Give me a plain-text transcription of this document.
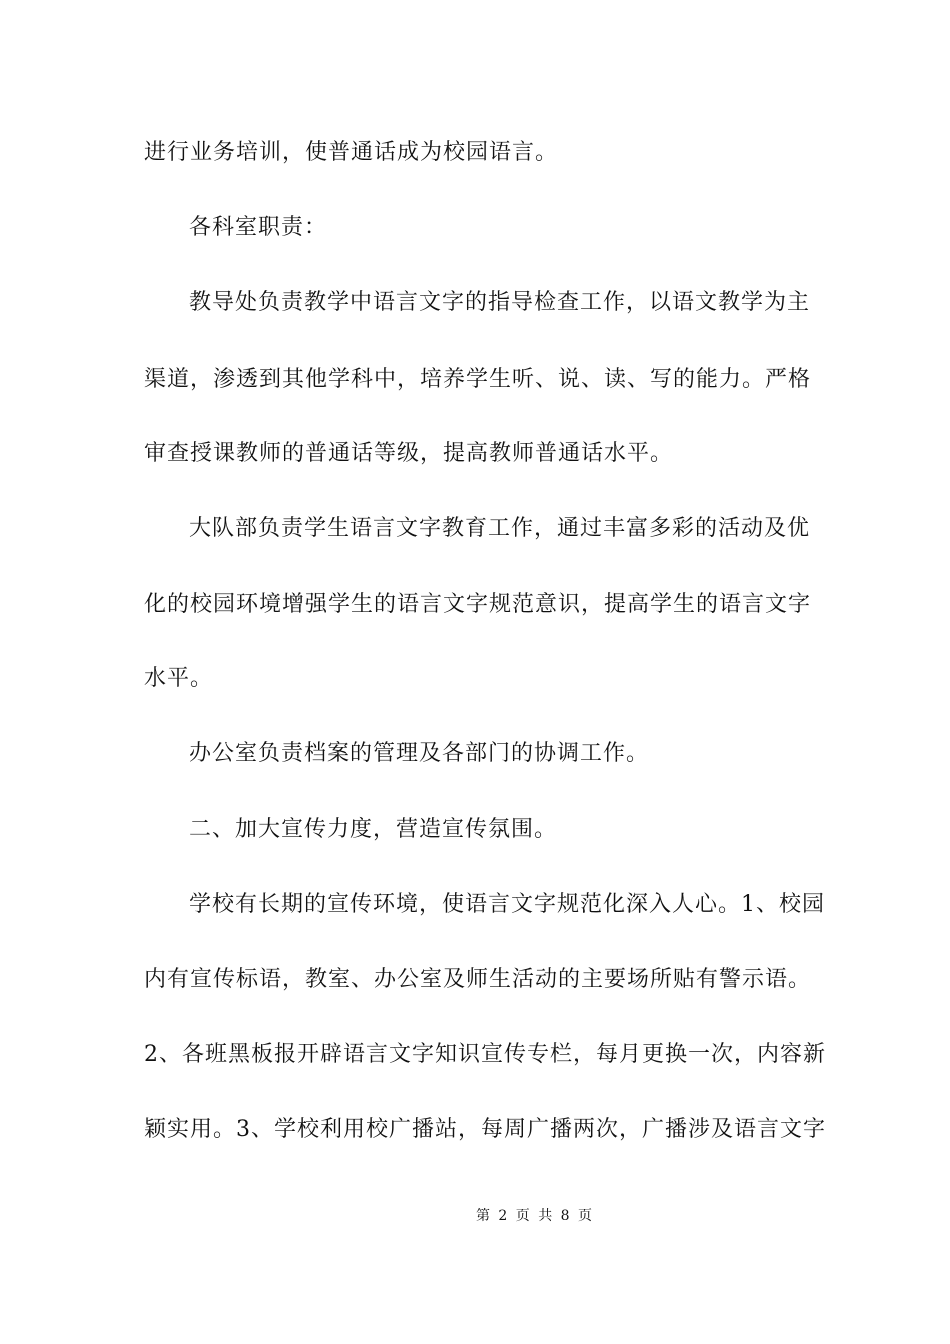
进行业务培训，使普通话成为校园语言。
各科室职责：
教导处负责教学中语言文字的指导检查工作，以语文教学为主
渠道，渗透到其他学科中，培养学生听、说、读、写的能力。严格
审查授课教师的普通话等级，提高教师普通话水平。
大队部负责学生语言文字教育工作，通过丰富多彩的活动及优
化的校园环境增强学生的语言文字规范意识，提高学生的语言文字
水平。
办公室负责档案的管理及各部门的协调工作。
二、加大宣传力度，营造宣传氛围。
学校有长期的宣传环境，使语言文字规范化深入人心。1、校园
内有宣传标语，教室、办公室及师生活动的主要场所贴有警示语。
2、各班黑板报开辟语言文字知识宣传专栏，每月更换一次，内容新
颖实用。3、学校利用校广播站，每周广播两次，广播涉及语言文字
第 2 页 共 8 页
